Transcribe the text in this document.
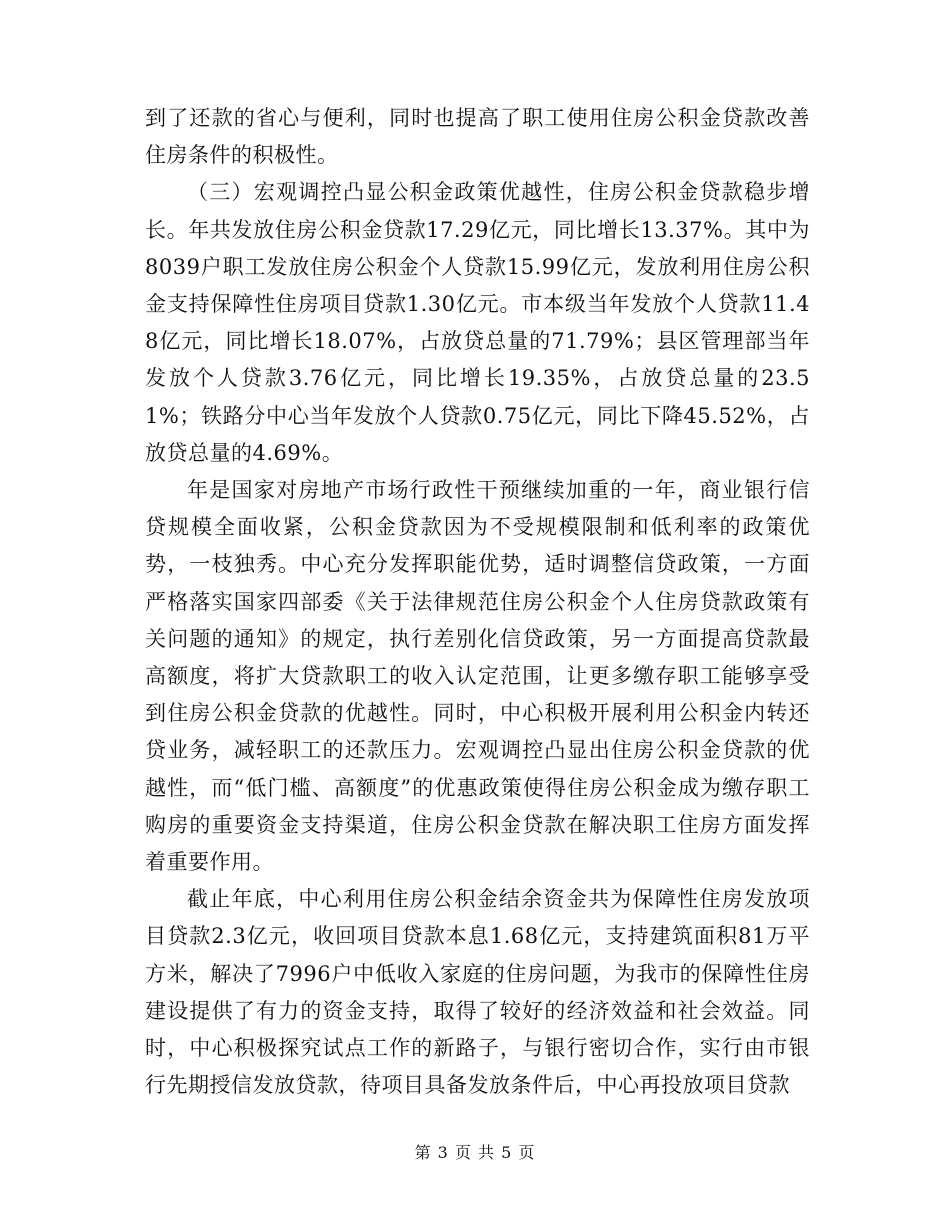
到了还款的省心与便利，同时也提高了职工使用住房公积金贷款改善住房条件的积极性。

（三）宏观调控凸显公积金政策优越性，住房公积金贷款稳步增长。年共发放住房公积金贷款17.29亿元，同比增长13.37%。其中为8039户职工发放住房公积金个人贷款15.99亿元，发放利用住房公积金支持保障性住房项目贷款1.30亿元。市本级当年发放个人贷款11.48亿元，同比增长18.07%，占放贷总量的71.79%；县区管理部当年发放个人贷款3.76亿元，同比增长19.35%，占放贷总量的23.51%；铁路分中心当年发放个人贷款0.75亿元，同比下降45.52%，占放贷总量的4.69%。

年是国家对房地产市场行政性干预继续加重的一年，商业银行信贷规模全面收紧，公积金贷款因为不受规模限制和低利率的政策优势，一枝独秀。中心充分发挥职能优势，适时调整信贷政策，一方面严格落实国家四部委《关于法律规范住房公积金个人住房贷款政策有关问题的通知》的规定，执行差别化信贷政策，另一方面提高贷款最高额度，将扩大贷款职工的收入认定范围，让更多缴存职工能够享受到住房公积金贷款的优越性。同时，中心积极开展利用公积金内转还贷业务，减轻职工的还款压力。宏观调控凸显出住房公积金贷款的优越性，而“低门槛、高额度”的优惠政策使得住房公积金成为缴存职工购房的重要资金支持渠道，住房公积金贷款在解决职工住房方面发挥着重要作用。

截止年底，中心利用住房公积金结余资金共为保障性住房发放项目贷款2.3亿元，收回项目贷款本息1.68亿元，支持建筑面积81万平方米，解决了7996户中低收入家庭的住房问题，为我市的保障性住房建设提供了有力的资金支持，取得了较好的经济效益和社会效益。同时，中心积极探究试点工作的新路子，与银行密切合作，实行由市银行先期授信发放贷款，待项目具备发放条件后，中心再投放项目贷款

第 3 页 共 5 页
